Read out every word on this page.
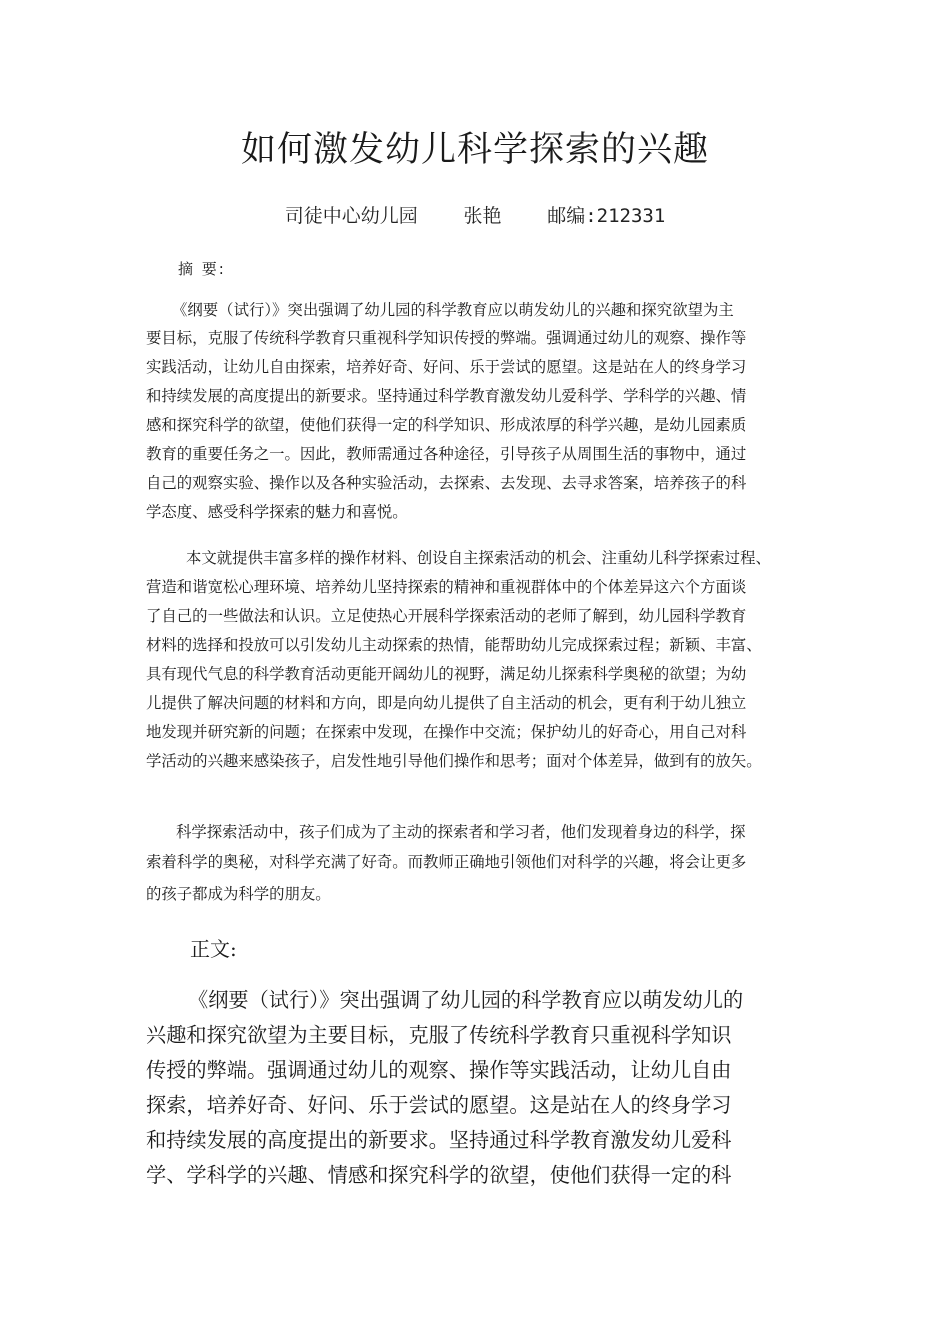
如何激发幼儿科学探索的兴趣
司徒中心幼儿园    张艳    邮编:212331
摘 要:
《纲要（试行）》突出强调了幼儿园的科学教育应以萌发幼儿的兴趣和探究欲望为主
要目标，克服了传统科学教育只重视科学知识传授的弊端。强调通过幼儿的观察、操作等
实践活动，让幼儿自由探索，培养好奇、好问、乐于尝试的愿望。这是站在人的终身学习
和持续发展的高度提出的新要求。坚持通过科学教育激发幼儿爱科学、学科学的兴趣、情
感和探究科学的欲望，使他们获得一定的科学知识、形成浓厚的科学兴趣，是幼儿园素质
教育的重要任务之一。因此，教师需通过各种途径，引导孩子从周围生活的事物中，通过
自己的观察实验、操作以及各种实验活动，去探索、去发现、去寻求答案，培养孩子的科
学态度、感受科学探索的魅力和喜悦。
本文就提供丰富多样的操作材料、创设自主探索活动的机会、注重幼儿科学探索过程、
营造和谐宽松心理环境、培养幼儿坚持探索的精神和重视群体中的个体差异这六个方面谈
了自己的一些做法和认识。立足使热心开展科学探索活动的老师了解到，幼儿园科学教育
材料的选择和投放可以引发幼儿主动探索的热情，能帮助幼儿完成探索过程；新颖、丰富、
具有现代气息的科学教育活动更能开阔幼儿的视野，满足幼儿探索科学奥秘的欲望；为幼
儿提供了解决问题的材料和方向，即是向幼儿提供了自主活动的机会，更有利于幼儿独立
地发现并研究新的问题；在探索中发现，在操作中交流；保护幼儿的好奇心，用自己对科
学活动的兴趣来感染孩子，启发性地引导他们操作和思考；面对个体差异，做到有的放矢。
科学探索活动中，孩子们成为了主动的探索者和学习者，他们发现着身边的科学，探
索着科学的奥秘，对科学充满了好奇。而教师正确地引领他们对科学的兴趣，将会让更多
的孩子都成为科学的朋友。
正文:
《纲要（试行）》突出强调了幼儿园的科学教育应以萌发幼儿的
兴趣和探究欲望为主要目标，克服了传统科学教育只重视科学知识
传授的弊端。强调通过幼儿的观察、操作等实践活动，让幼儿自由
探索，培养好奇、好问、乐于尝试的愿望。这是站在人的终身学习
和持续发展的高度提出的新要求。坚持通过科学教育激发幼儿爱科
学、学科学的兴趣、情感和探究科学的欲望，使他们获得一定的科
